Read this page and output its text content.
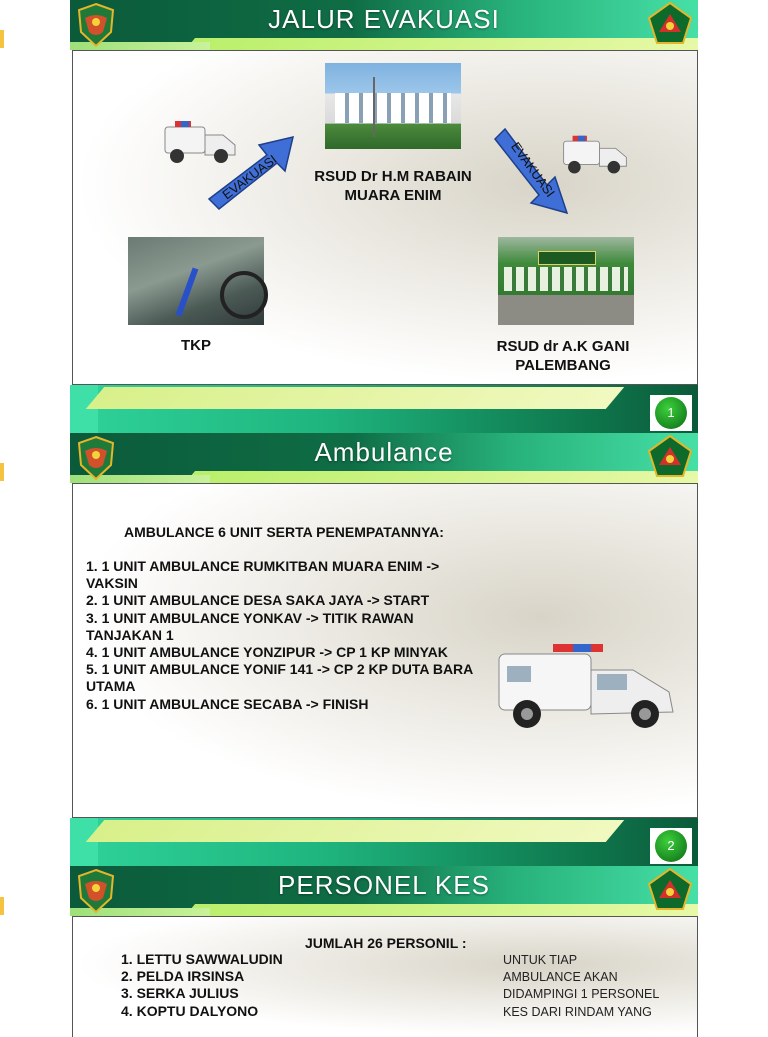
JALUR EVAKUASI
EVAKUASI	RSUD Dr H.M RABAIN
MUARA ENIM	EVAKUASI
TKP	RSUD dr A.K GANI
PALEMBANG
1
Ambulance
AMBULANCE 6 UNIT SERTA PENEMPATANNYA:
1. 1 UNIT AMBULANCE RUMKITBAN MUARA ENIM ->
VAKSIN
2. 1 UNIT AMBULANCE DESA SAKA JAYA -> START
3. 1 UNIT AMBULANCE YONKAV -> TITIK RAWAN
TANJAKAN 1
4. 1 UNIT AMBULANCE YONZIPUR -> CP 1 KP MINYAK
5. 1 UNIT AMBULANCE YONIF 141 -> CP 2 KP DUTA BARA
UTAMA
6. 1 UNIT AMBULANCE SECABA -> FINISH
2
PERSONEL KES
JUMLAH 26 PERSONIL :
1. LETTU SAWWALUDIN
2. PELDA IRSINSA
3. SERKA JULIUS
4. KOPTU DALYONO
UNTUK TIAP
AMBULANCE AKAN
DIDAMPINGI 1 PERSONEL
KES DARI RINDAM YANG
